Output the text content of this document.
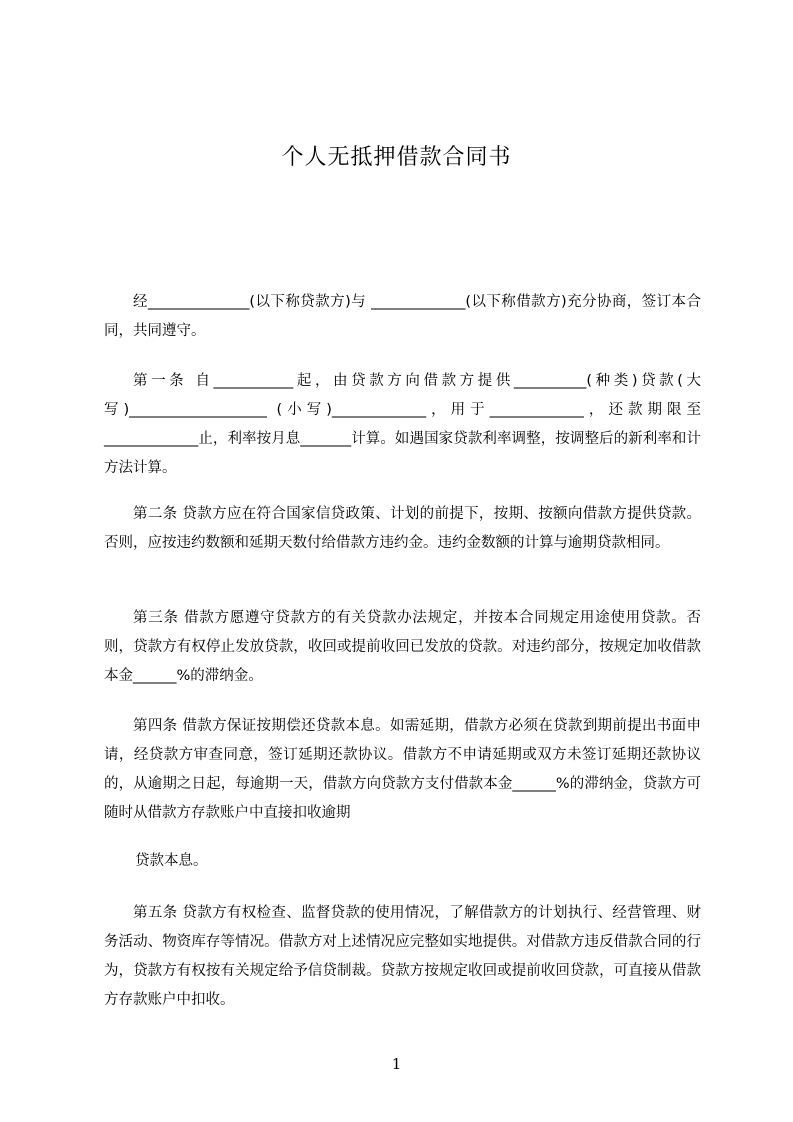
个人无抵押借款合同书
经______________(以下称贷款方)与 _____________(以下称借款方)充分协商，签订本合同，共同遵守。
第一条 自___________起，由贷款方向借款方提供__________(种类)贷款(大写)___________________ (小写)_____________，用于_____________，还款期限至_____________止，利率按月息_______计算。如遇国家贷款利率调整，按调整后的新利率和计方法计算。
第二条 贷款方应在符合国家信贷政策、计划的前提下，按期、按额向借款方提供贷款。否则，应按违约数额和延期天数付给借款方违约金。违约金数额的计算与逾期贷款相同。
第三条 借款方愿遵守贷款方的有关贷款办法规定，并按本合同规定用途使用贷款。否则，贷款方有权停止发放贷款，收回或提前收回已发放的贷款。对违约部分，按规定加收借款本金______%的滞纳金。
第四条 借款方保证按期偿还贷款本息。如需延期，借款方必须在贷款到期前提出书面申请，经贷款方审查同意，签订延期还款协议。借款方不申请延期或双方未签订延期还款协议的，从逾期之日起，每逾期一天，借款方向贷款方支付借款本金______%的滞纳金，贷款方可随时从借款方存款账户中直接扣收逾期
贷款本息。
第五条 贷款方有权检查、监督贷款的使用情况，了解借款方的计划执行、经营管理、财务活动、物资库存等情况。借款方对上述情况应完整如实地提供。对借款方违反借款合同的行为，贷款方有权按有关规定给予信贷制裁。贷款方按规定收回或提前收回贷款，可直接从借款方存款账户中扣收。
1
